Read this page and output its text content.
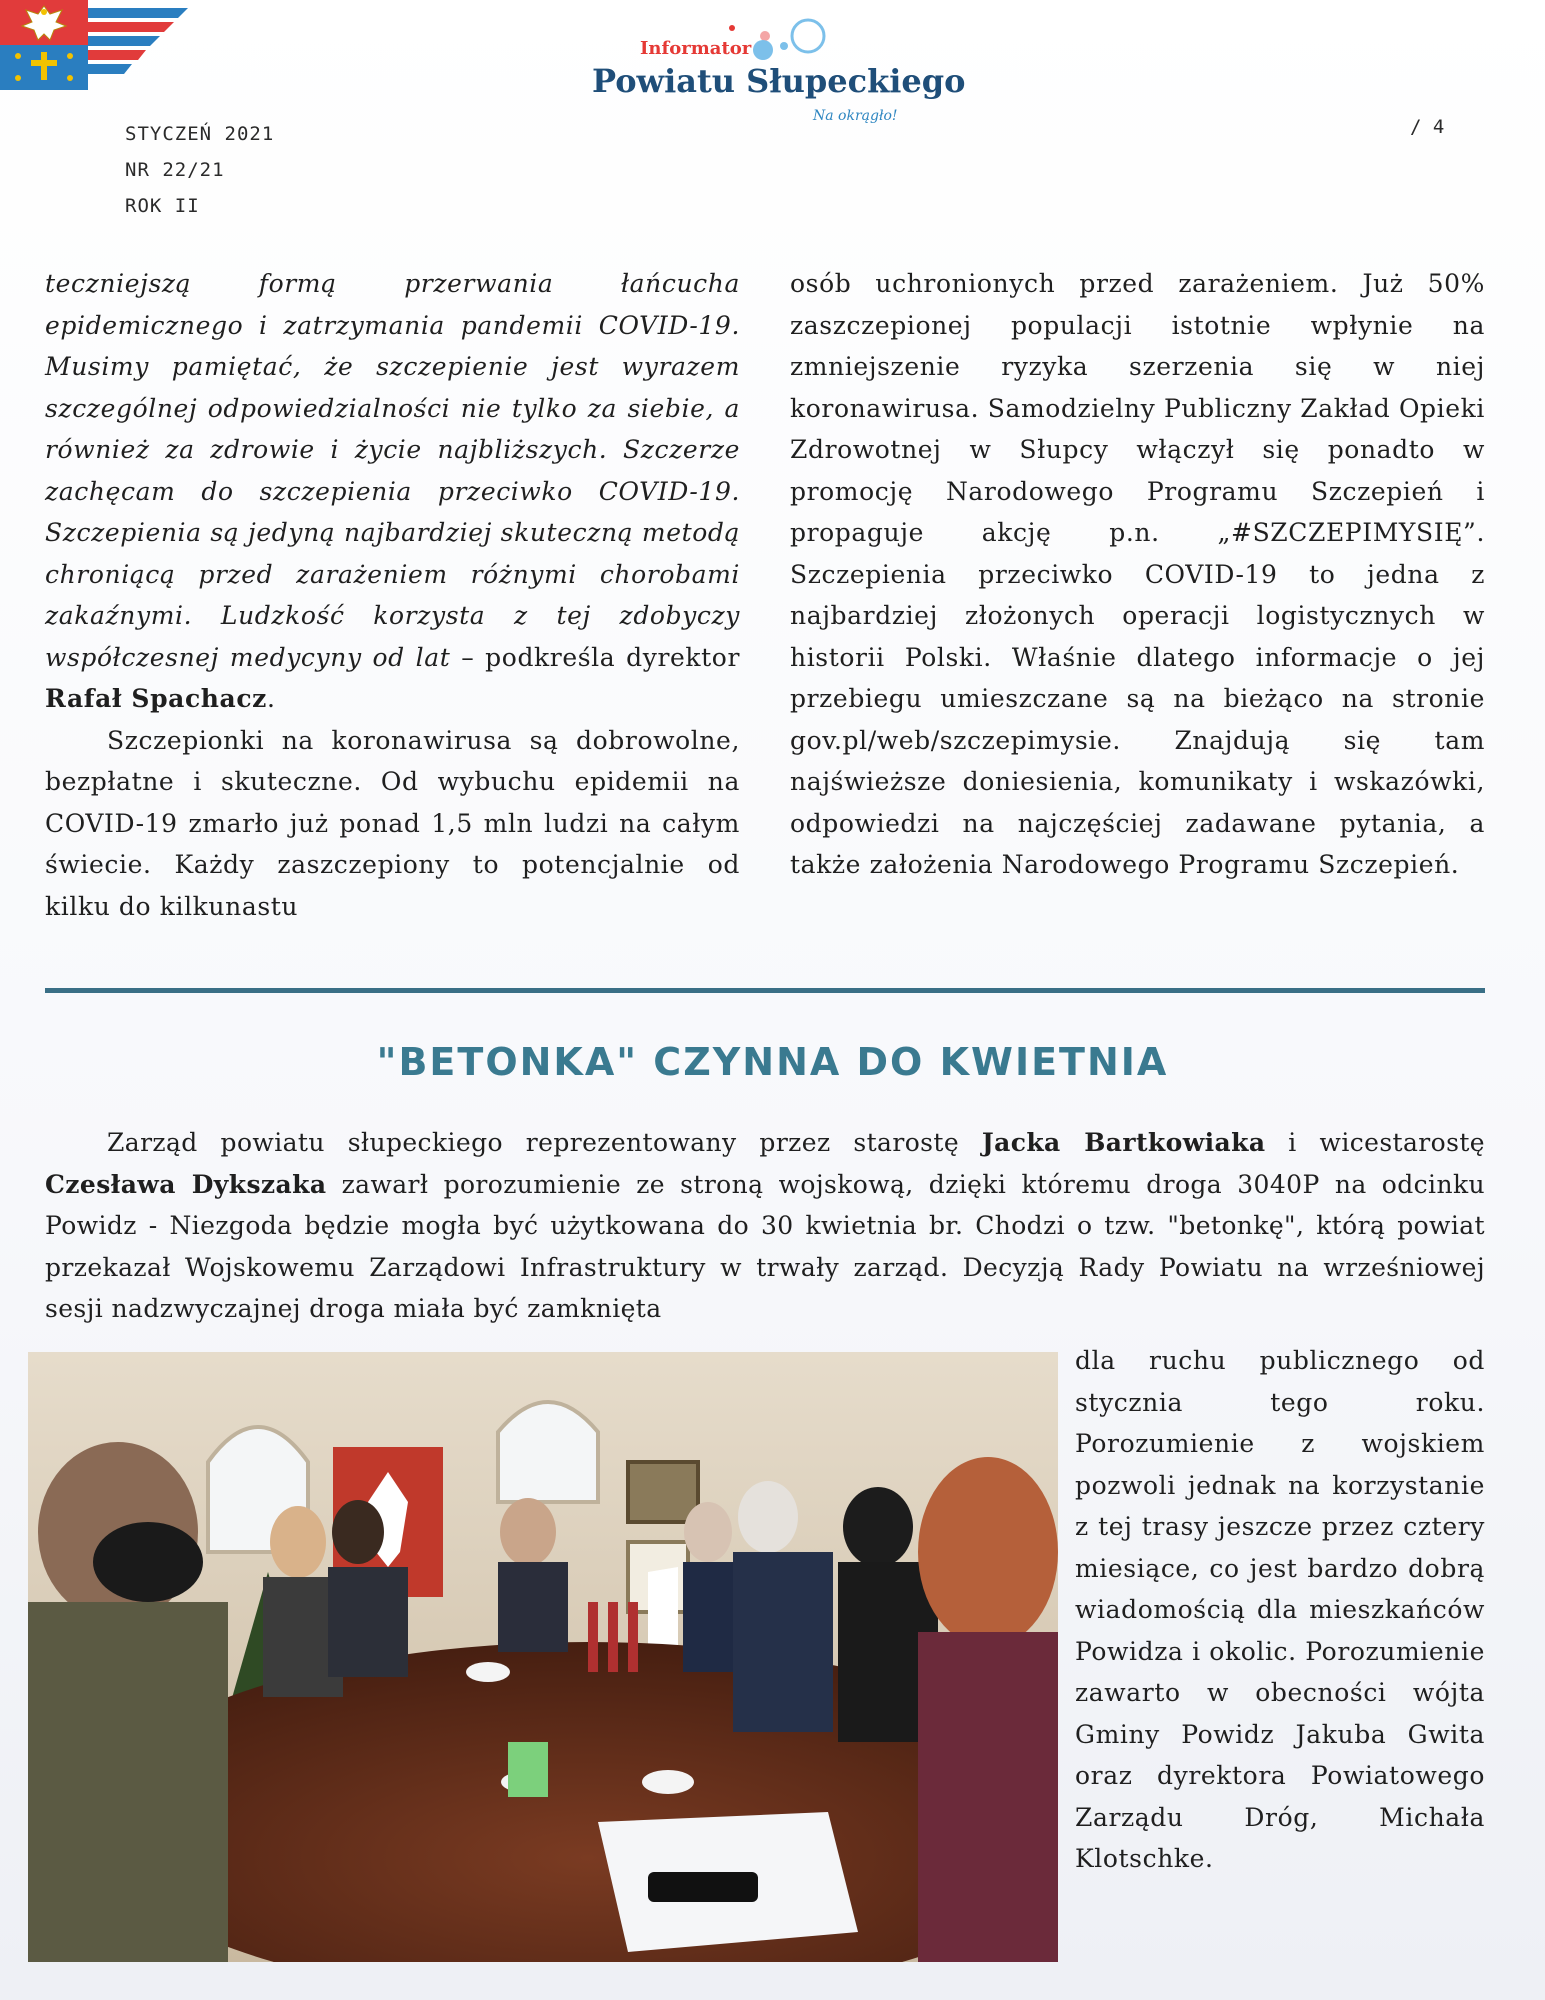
STYCZEŃ 2021
NR 22/21
ROK II
/ 4
Informator
Powiatu Słupeckiego
Na okrągło!

teczniejszą formą przerwania łańcucha epidemicznego i zatrzymania pandemii COVID-19. Musimy pamiętać, że szczepienie jest wyrazem szczególnej odpowiedzialności nie tylko za siebie, a również za zdrowie i życie najbliższych. Szczerze zachęcam do szczepienia przeciwko COVID-19. Szczepienia są jedyną najbardziej skuteczną metodą chroniącą przed zarażeniem różnymi chorobami zakaźnymi. Ludzkość korzysta z tej zdobyczy współczesnej medycyny od lat – podkreśla dyrektor Rafał Spachacz.

Szczepionki na koronawirusa są dobrowolne, bezpłatne i skuteczne. Od wybuchu epidemii na COVID-19 zmarło już ponad 1,5 mln ludzi na całym świecie. Każdy zaszczepiony to potencjalnie od kilku do kilkunastu

osób uchronionych przed zarażeniem. Już 50% zaszczepionej populacji istotnie wpłynie na zmniejszenie ryzyka szerzenia się w niej koronawirusa. Samodzielny Publiczny Zakład Opieki Zdrowotnej w Słupcy włączył się ponadto w promocję Narodowego Programu Szczepień i propaguje akcję p.n. „#SZCZEPIMYSIĘ”. Szczepienia przeciwko COVID-19 to jedna z najbardziej złożonych operacji logistycznych w historii Polski. Właśnie dlatego informacje o jej przebiegu umieszczane są na bieżąco na stronie gov.pl/web/szczepimysie. Znajdują się tam najświeższe doniesienia, komunikaty i wskazówki, odpowiedzi na najczęściej zadawane pytania, a także założenia Narodowego Programu Szczepień.

"BETONKA" CZYNNA DO KWIETNIA

Zarząd powiatu słupeckiego reprezentowany przez starostę Jacka Bartkowiaka i wicestarostę Czesława Dykszaka zawarł porozumienie ze stroną wojskową, dzięki któremu droga 3040P na odcinku Powidz - Niezgoda będzie mogła być użytkowana do 30 kwietnia br. Chodzi o tzw. "betonkę", którą powiat przekazał Wojskowemu Zarządowi Infrastruktury w trwały zarząd. Decyzją Rady Powiatu na wrześniowej sesji nadzwyczajnej droga miała być zamknięta

dla ruchu publicznego od stycznia tego roku. Porozumienie z wojskiem pozwoli jednak na korzystanie z tej trasy jeszcze przez cztery miesiące, co jest bardzo dobrą wiadomością dla mieszkańców Powidza i okolic. Porozumienie zawarto w obecności wójta Gminy Powidz Jakuba Gwita oraz dyrektora Powiatowego Zarządu Dróg, Michała Klotschke.
